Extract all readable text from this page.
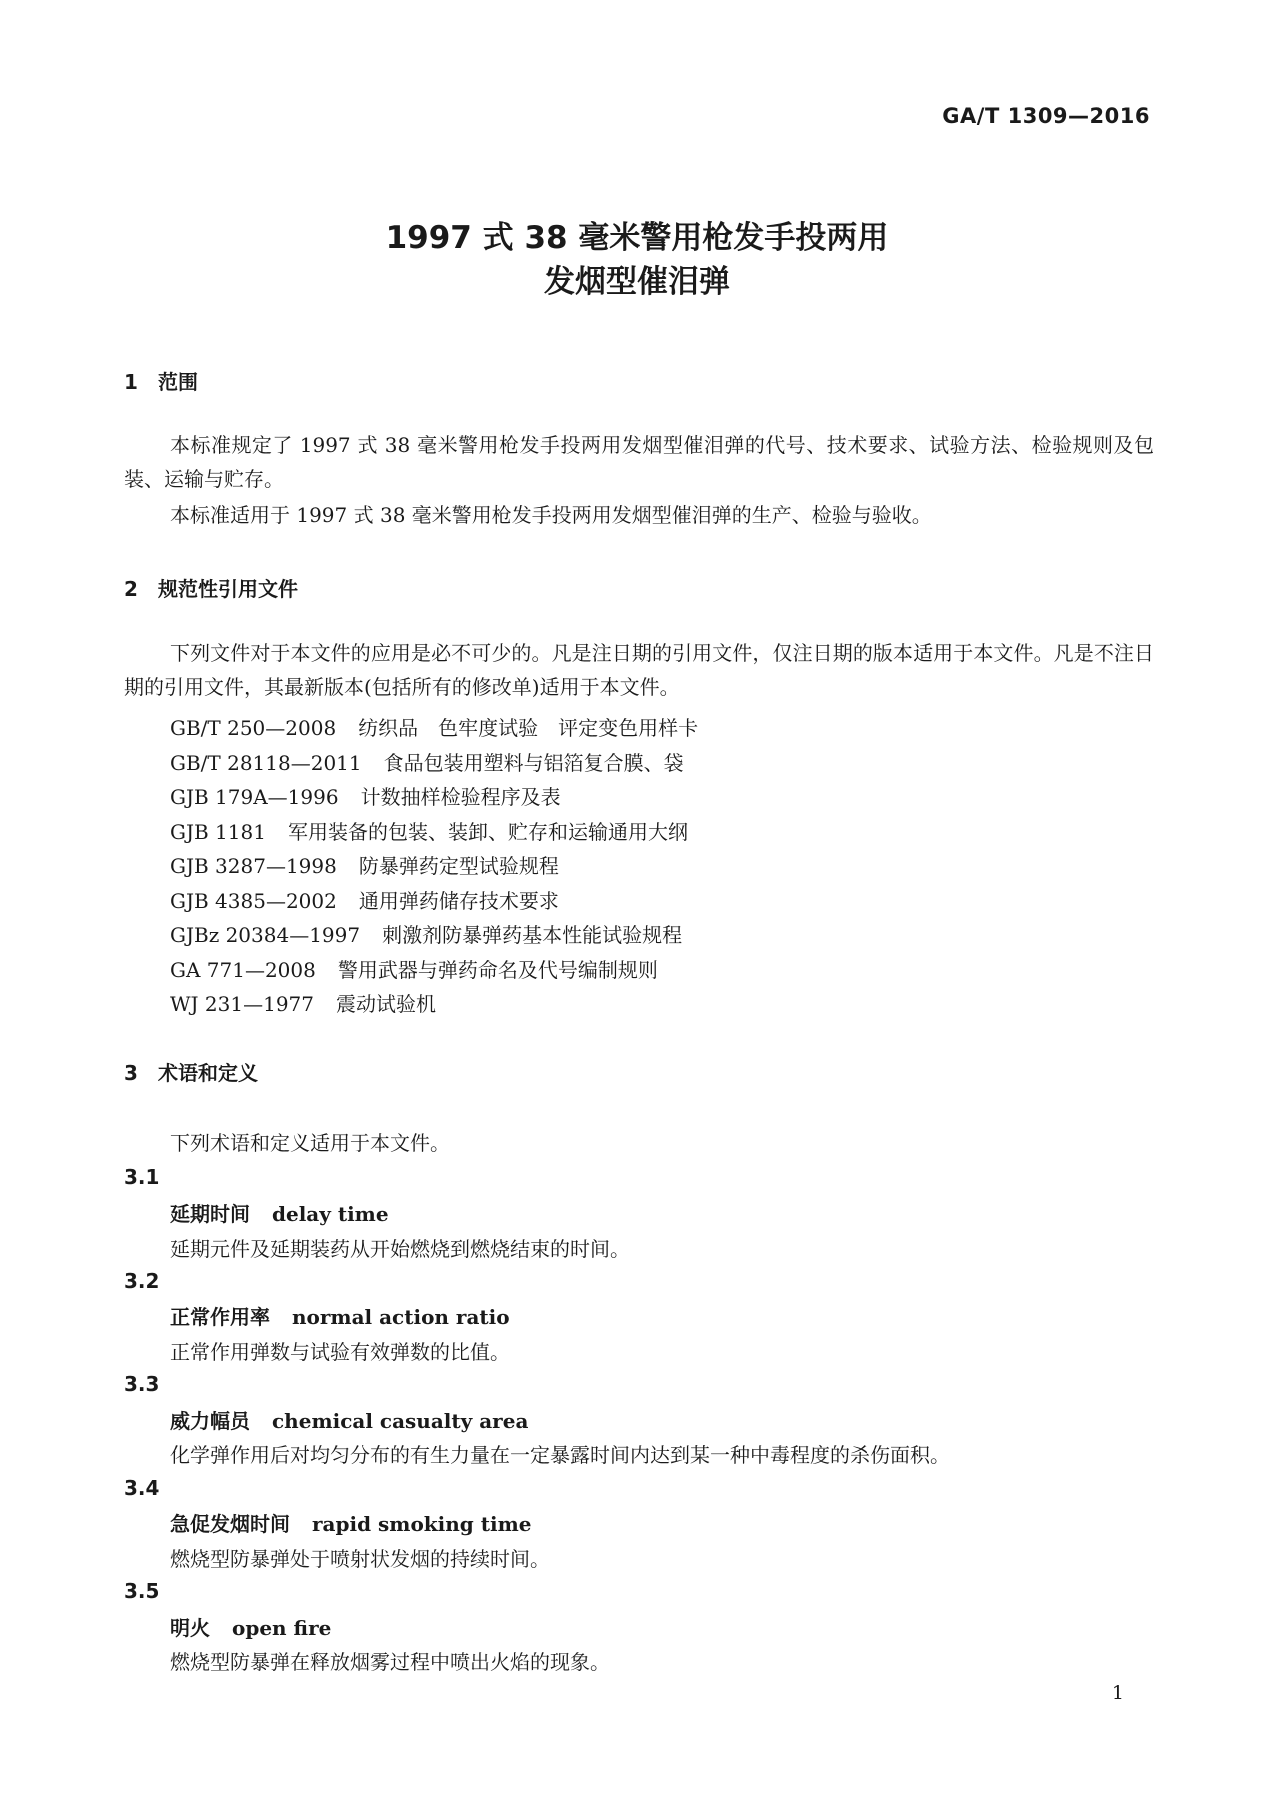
GA/T 1309—2016
1997 式 38 毫米警用枪发手投两用
发烟型催泪弹
1 范围
本标准规定了 1997 式 38 毫米警用枪发手投两用发烟型催泪弹的代号、技术要求、试验方法、检验规则及包装、运输与贮存。
本标准适用于 1997 式 38 毫米警用枪发手投两用发烟型催泪弹的生产、检验与验收。
2 规范性引用文件
下列文件对于本文件的应用是必不可少的。凡是注日期的引用文件，仅注日期的版本适用于本文件。凡是不注日期的引用文件，其最新版本(包括所有的修改单)适用于本文件。
GB/T 250—2008 纺织品　色牢度试验　评定变色用样卡
GB/T 28118—2011 食品包装用塑料与铝箔复合膜、袋
GJB 179A—1996 计数抽样检验程序及表
GJB 1181 军用装备的包装、装卸、贮存和运输通用大纲
GJB 3287—1998 防暴弹药定型试验规程
GJB 4385—2002 通用弹药储存技术要求
GJBz 20384—1997 刺激剂防暴弹药基本性能试验规程
GA 771—2008 警用武器与弹药命名及代号编制规则
WJ 231—1977 震动试验机
3 术语和定义
下列术语和定义适用于本文件。
3.1
延期时间 delay time
延期元件及延期装药从开始燃烧到燃烧结束的时间。
3.2
正常作用率 normal action ratio
正常作用弹数与试验有效弹数的比值。
3.3
威力幅员 chemical casualty area
化学弹作用后对均匀分布的有生力量在一定暴露时间内达到某一种中毒程度的杀伤面积。
3.4
急促发烟时间 rapid smoking time
燃烧型防暴弹处于喷射状发烟的持续时间。
3.5
明火 open fire
燃烧型防暴弹在释放烟雾过程中喷出火焰的现象。
1
